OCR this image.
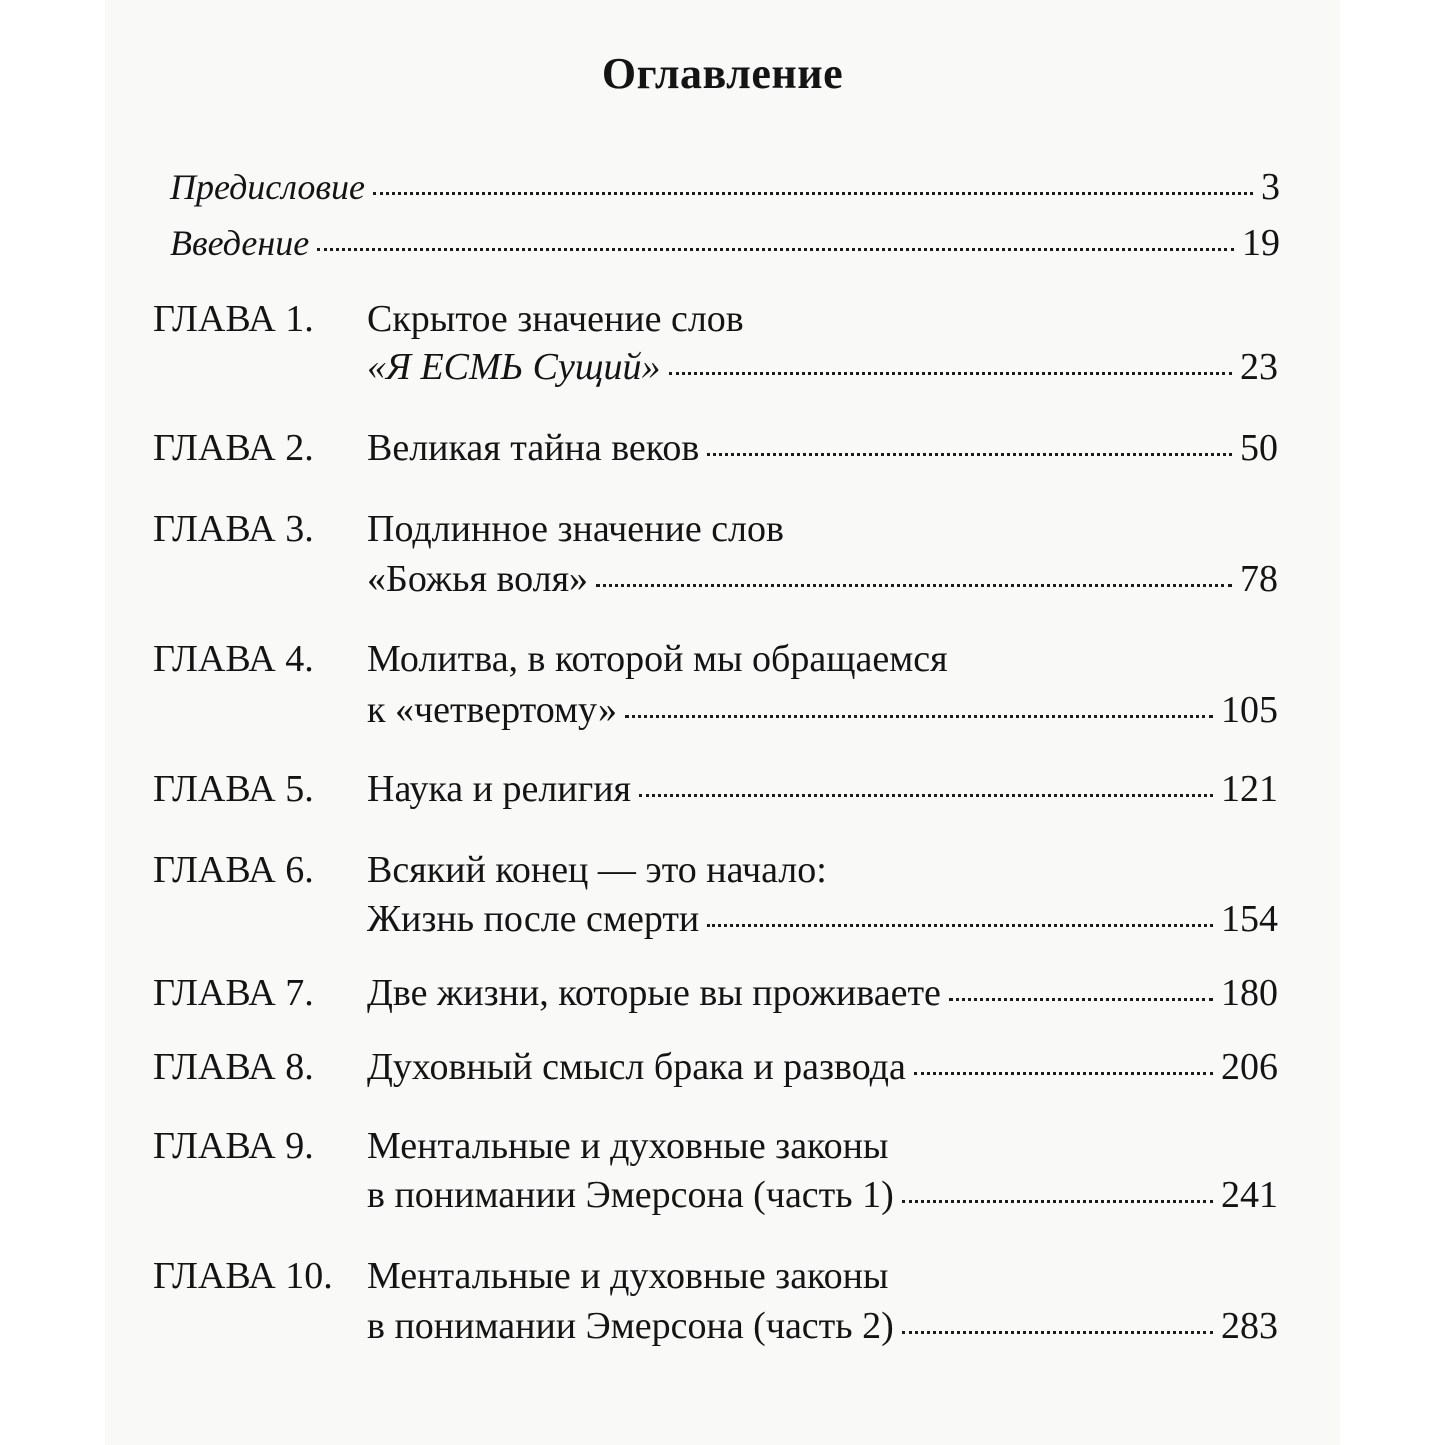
Оглавление
Предисловие	3
Введение	19
ГЛАВА 1. Скрытое значение слов
«Я ЕСМЬ Сущий»	23
ГЛАВА 2. Великая тайна веков	50
ГЛАВА 3. Подлинное значение слов
«Божья воля»	78
ГЛАВА 4. Молитва, в которой мы обращаемся
к «четвертому»	105
ГЛАВА 5. Наука и религия	121
ГЛАВА 6. Всякий конец — это начало:
Жизнь после смерти	154
ГЛАВА 7. Две жизни, которые вы проживаете	180
ГЛАВА 8. Духовный смысл брака и развода	206
ГЛАВА 9. Ментальные и духовные законы
в понимании Эмерсона (часть 1)	241
ГЛАВА 10. Ментальные и духовные законы
в понимании Эмерсона (часть 2)	283
